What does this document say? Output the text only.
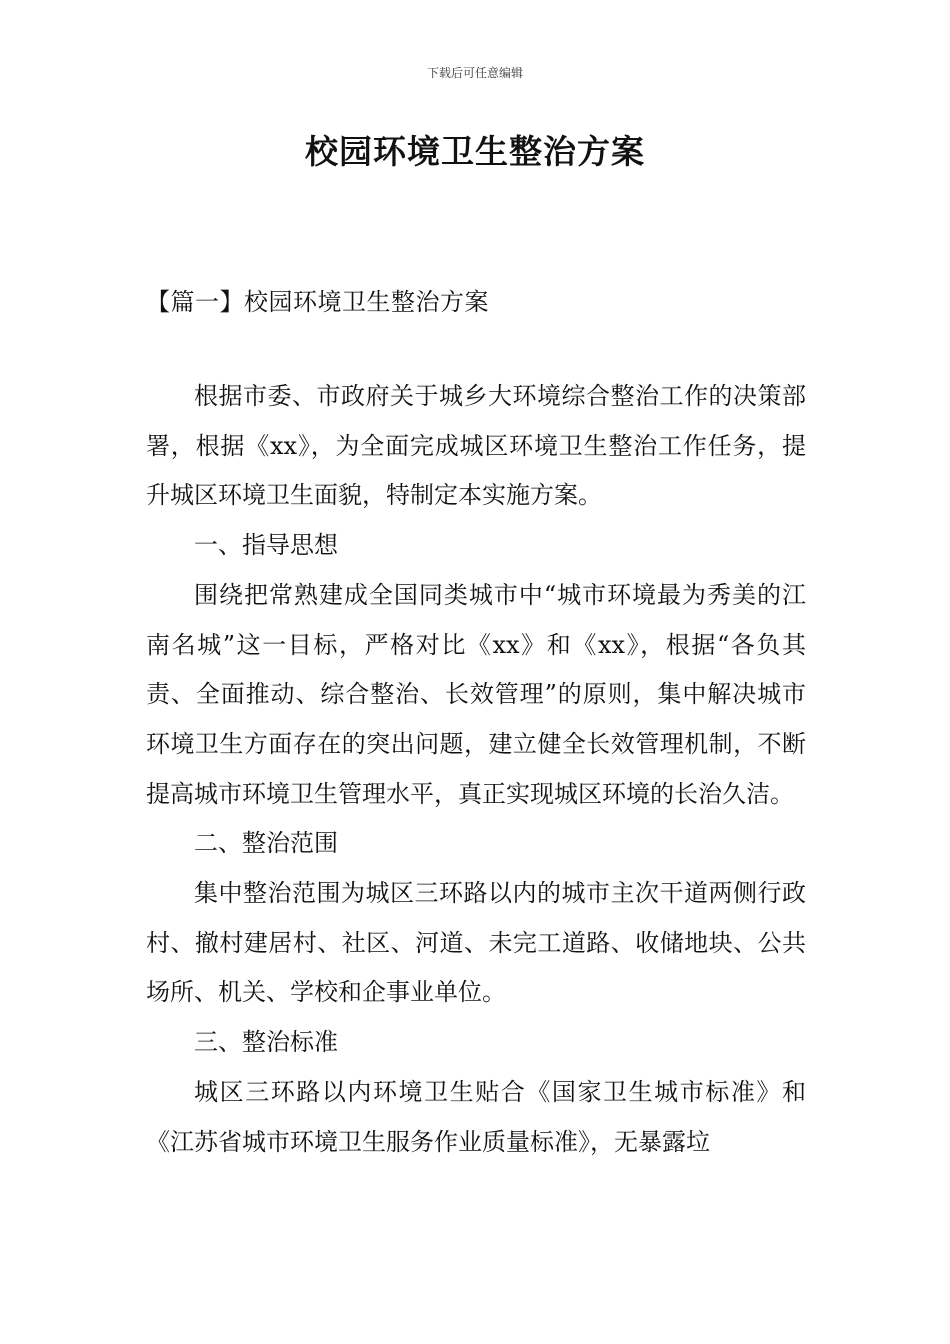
下载后可任意编辑
校园环境卫生整治方案
【篇一】校园环境卫生整治方案

根据市委、市政府关于城乡大环境综合整治工作的决策部署，根据《xx》，为全面完成城区环境卫生整治工作任务，提升城区环境卫生面貌，特制定本实施方案。

一、指导思想

围绕把常熟建成全国同类城市中“城市环境最为秀美的江南名城”这一目标，严格对比《xx》和《xx》，根据“各负其责、全面推动、综合整治、长效管理”的原则，集中解决城市环境卫生方面存在的突出问题，建立健全长效管理机制，不断提高城市环境卫生管理水平，真正实现城区环境的长治久洁。

二、整治范围

集中整治范围为城区三环路以内的城市主次干道两侧行政村、撤村建居村、社区、河道、未完工道路、收储地块、公共场所、机关、学校和企事业单位。

三、整治标准

城区三环路以内环境卫生贴合《国家卫生城市标准》和《江苏省城市环境卫生服务作业质量标准》，无暴露垃
